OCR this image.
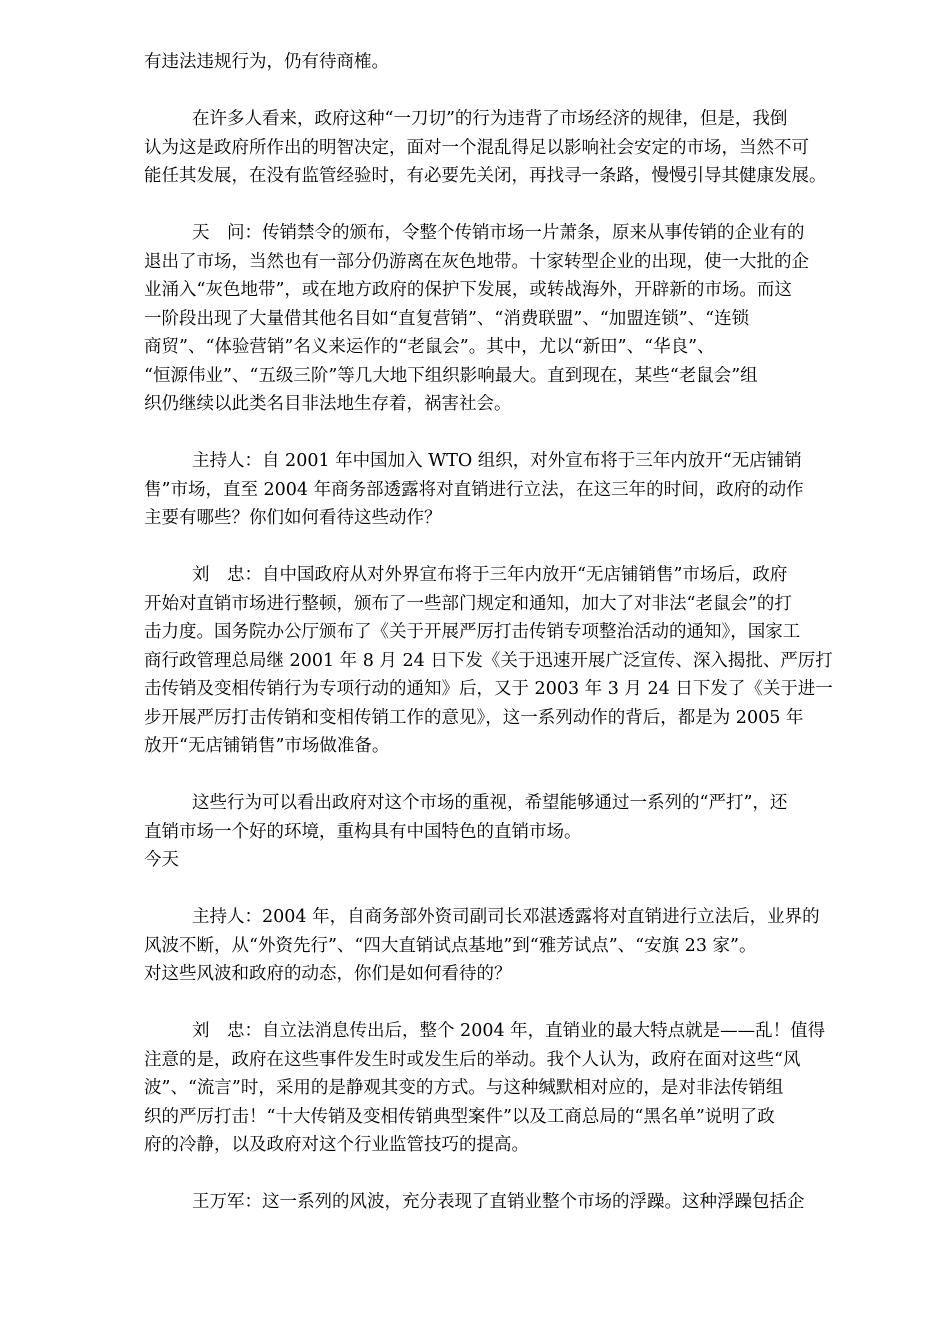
有违法违规行为，仍有待商榷。
在许多人看来，政府这种“一刀切”的行为违背了市场经济的规律，但是，我倒
认为这是政府所作出的明智决定，面对一个混乱得足以影响社会安定的市场，当然不可
能任其发展，在没有监管经验时，有必要先关闭，再找寻一条路，慢慢引导其健康发展。
天　问：传销禁令的颁布，令整个传销市场一片萧条，原来从事传销的企业有的
退出了市场，当然也有一部分仍游离在灰色地带。十家转型企业的出现，使一大批的企
业涌入“灰色地带”，或在地方政府的保护下发展，或转战海外，开辟新的市场。而这
一阶段出现了大量借其他名目如“直复营销”、“消费联盟”、“加盟连锁”、“连锁
商贸”、“体验营销”名义来运作的“老鼠会”。其中，尤以“新田”、“华良”、
“恒源伟业”、“五级三阶”等几大地下组织影响最大。直到现在，某些“老鼠会”组
织仍继续以此类名目非法地生存着，祸害社会。
主持人：自 2001 年中国加入 WTO 组织，对外宣布将于三年内放开“无店铺销
售”市场，直至 2004 年商务部透露将对直销进行立法，在这三年的时间，政府的动作
主要有哪些？你们如何看待这些动作？
刘　忠：自中国政府从对外界宣布将于三年内放开“无店铺销售”市场后，政府
开始对直销市场进行整顿，颁布了一些部门规定和通知，加大了对非法“老鼠会”的打
击力度。国务院办公厅颁布了《关于开展严厉打击传销专项整治活动的通知》，国家工
商行政管理总局继 2001 年 8 月 24 日下发《关于迅速开展广泛宣传、深入揭批、严厉打
击传销及变相传销行为专项行动的通知》后，又于 2003 年 3 月 24 日下发了《关于进一
步开展严厉打击传销和变相传销工作的意见》，这一系列动作的背后，都是为 2005 年
放开“无店铺销售”市场做准备。
这些行为可以看出政府对这个市场的重视，希望能够通过一系列的“严打”，还
直销市场一个好的环境，重构具有中国特色的直销市场。
今天
主持人：2004 年，自商务部外资司副司长邓湛透露将对直销进行立法后，业界的
风波不断，从“外资先行”、“四大直销试点基地”到“雅芳试点”、“安旗 23 家”。
对这些风波和政府的动态，你们是如何看待的？
刘　忠：自立法消息传出后，整个 2004 年，直销业的最大特点就是——乱！值得
注意的是，政府在这些事件发生时或发生后的举动。我个人认为，政府在面对这些“风
波”、“流言”时，采用的是静观其变的方式。与这种缄默相对应的，是对非法传销组
织的严厉打击！“十大传销及变相传销典型案件”以及工商总局的“黑名单”说明了政
府的冷静，以及政府对这个行业监管技巧的提高。
王万军：这一系列的风波，充分表现了直销业整个市场的浮躁。这种浮躁包括企
